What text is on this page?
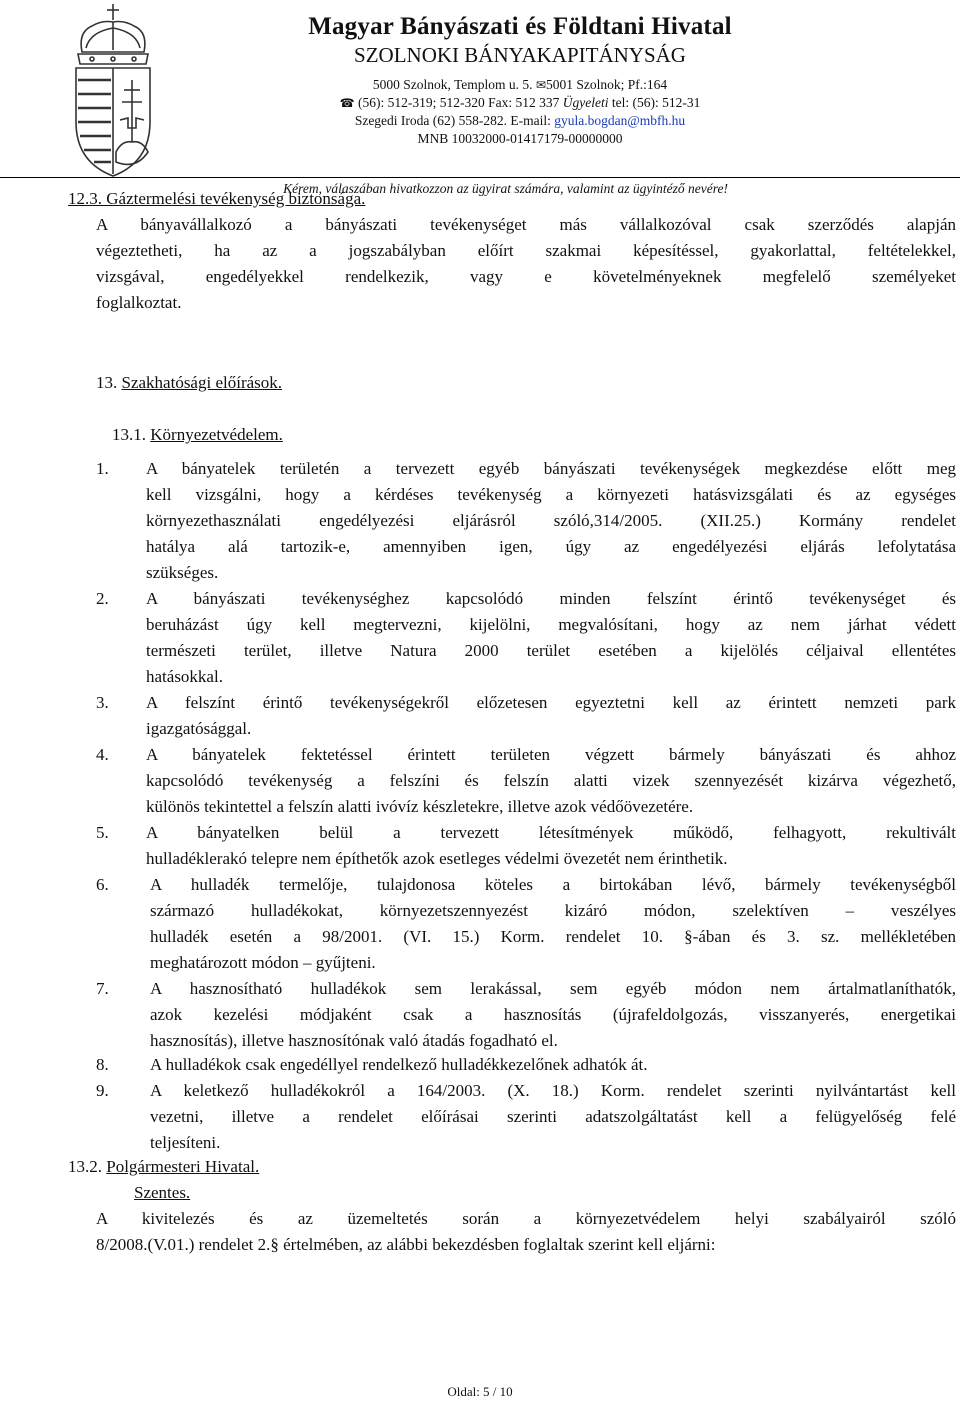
Magyar Bányászati és Földtani Hivatal
SZOLNOKI BÁNYAKAPITÁNYSÁG
5000 Szolnok, Templom u. 5. ✉5001 Szolnok; Pf.:164
☎ (56): 512-319; 512-320 Fax: 512 337 Ügyeleti tel: (56): 512-31
Szegedi Iroda (62) 558-282. E-mail: gyula.bogdan@mbfh.hu
MNB 10032000-01417179-00000000
Kérem, válaszában hivatkozzon az ügyirat számára, valamint az ügyintéző nevére!
12.3. Gáztermelési tevékenység biztonsága.
A bányavállalkozó a bányászati tevékenységet más vállalkozóval csak szerződés alapján
végeztetheti, ha az a jogszabályban előírt szakmai képesítéssel, gyakorlattal, feltételekkel,
vizsgával, engedélyekkel rendelkezik, vagy e követelményeknek megfelelő személyeket
foglalkoztat.
13. Szakhatósági előírások.
13.1. Környezetvédelem.
1. A bányatelek területén a tervezett egyéb bányászati tevékenységek megkezdése előtt meg
kell vizsgálni, hogy a kérdéses tevékenység a környezeti hatásvizsgálati és az egységes
környezethasználati engedélyezési eljárásról szóló,314/2005. (XII.25.) Kormány rendelet
hatálya alá tartozik-e, amennyiben igen, úgy az engedélyezési eljárás lefolytatása
szükséges.
2. A bányászati tevékenységhez kapcsolódó minden felszínt érintő tevékenységet és
beruházást úgy kell megtervezni, kijelölni, megvalósítani, hogy az nem járhat védett
természeti terület, illetve Natura 2000 terület esetében a kijelölés céljaival ellentétes
hatásokkal.
3. A felszínt érintő tevékenységekről előzetesen egyeztetni kell az érintett nemzeti park
igazgatósággal.
4. A bányatelek fektetéssel érintett területen végzett bármely bányászati és ahhoz
kapcsolódó tevékenység a felszíni és felszín alatti vizek szennyezését kizárva végezhető,
különös tekintettel a felszín alatti ivóvíz készletekre, illetve azok védőövezetére.
5. A bányatelken belül a tervezett létesítmények működő, felhagyott, rekultivált
hulladéklerakó telepre nem építhetők azok esetleges védelmi övezetét nem érinthetik.
6. A hulladék termelője, tulajdonosa köteles a birtokában lévő, bármely tevékenységből
származó hulladékokat, környezetszennyezést kizáró módon, szelektíven – veszélyes
hulladék esetén a 98/2001. (VI. 15.) Korm. rendelet 10. §-ában és 3. sz. mellékletében
meghatározott módon – gyűjteni.
7. A hasznosítható hulladékok sem lerakással, sem egyéb módon nem ártalmatlaníthatók,
azok kezelési módjaként csak a hasznosítás (újrafeldolgozás, visszanyerés, energetikai
hasznosítás), illetve hasznosítónak való átadás fogadható el.
8. A hulladékok csak engedéllyel rendelkező hulladékkezelőnek adhatók át.
9. A keletkező hulladékokról a 164/2003. (X. 18.) Korm. rendelet szerinti nyilvántartást kell
vezetni, illetve a rendelet előírásai szerinti adatszolgáltatást kell a felügyelőség felé
teljesíteni.
13.2. Polgármesteri Hivatal.
Szentes.
A kivitelezés és az üzemeltetés során a környezetvédelem helyi szabályairól szóló
8/2008.(V.01.) rendelet 2.§ értelmében, az alábbi bekezdésben foglaltak szerint kell eljárni:
Oldal: 5 / 10
